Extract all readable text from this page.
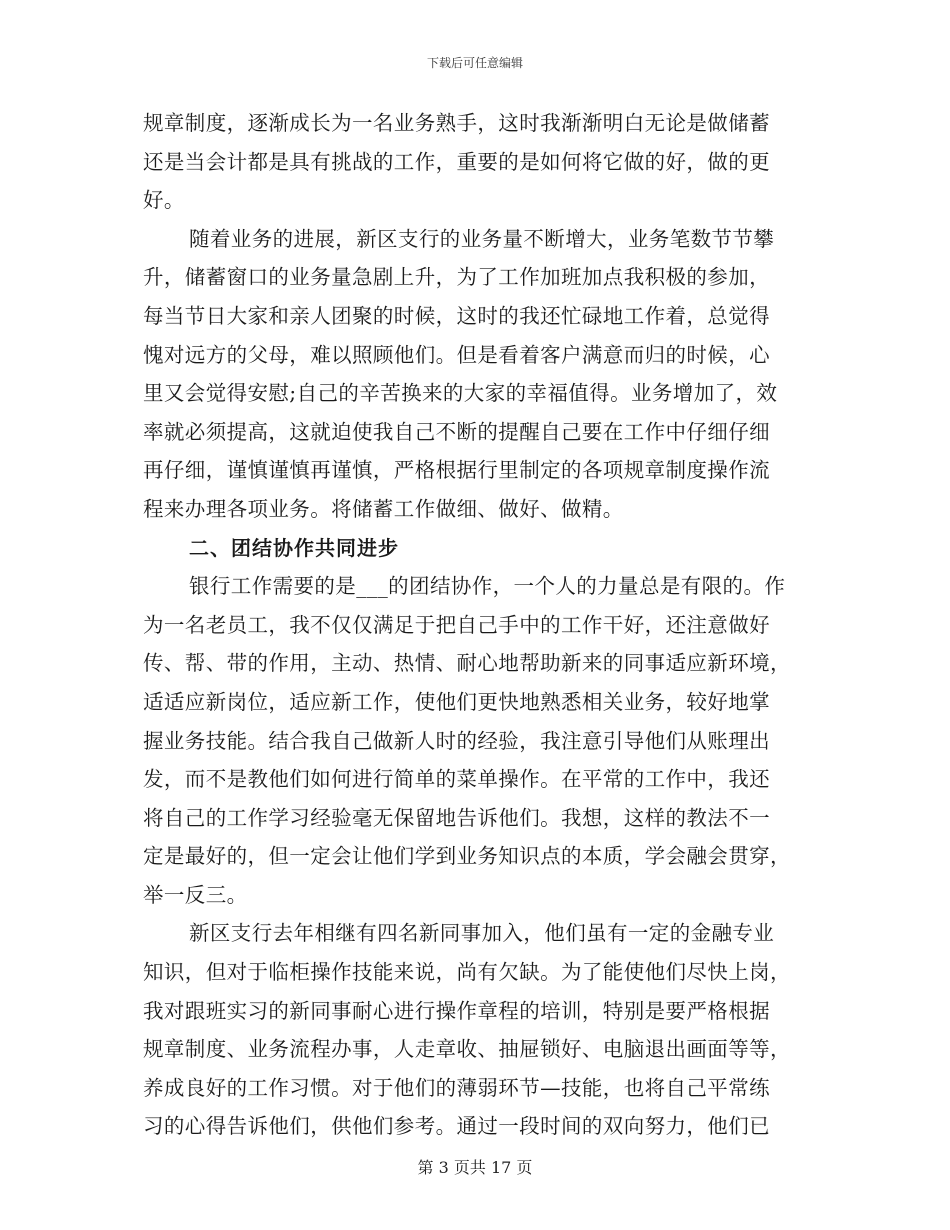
下载后可任意编辑
规章制度，逐渐成长为一名业务熟手，这时我渐渐明白无论是做储蓄
还是当会计都是具有挑战的工作，重要的是如何将它做的好，做的更
好。
随着业务的进展，新区支行的业务量不断增大，业务笔数节节攀
升，储蓄窗口的业务量急剧上升，为了工作加班加点我积极的参加，
每当节日大家和亲人团聚的时候，这时的我还忙碌地工作着，总觉得
愧对远方的父母，难以照顾他们。但是看着客户满意而归的时候，心
里又会觉得安慰;自己的辛苦换来的大家的幸福值得。业务增加了，效
率就必须提高，这就迫使我自己不断的提醒自己要在工作中仔细仔细
再仔细，谨慎谨慎再谨慎，严格根据行里制定的各项规章制度操作流
程来办理各项业务。将储蓄工作做细、做好、做精。
二、团结协作共同进步
银行工作需要的是___的团结协作，一个人的力量总是有限的。作
为一名老员工，我不仅仅满足于把自己手中的工作干好，还注意做好
传、帮、带的作用，主动、热情、耐心地帮助新来的同事适应新环境，
适适应新岗位，适应新工作，使他们更快地熟悉相关业务，较好地掌
握业务技能。结合我自己做新人时的经验，我注意引导他们从账理出
发，而不是教他们如何进行简单的菜单操作。在平常的工作中，我还
将自己的工作学习经验毫无保留地告诉他们。我想，这样的教法不一
定是最好的，但一定会让他们学到业务知识点的本质，学会融会贯穿，
举一反三。
新区支行去年相继有四名新同事加入，他们虽有一定的金融专业
知识，但对于临柜操作技能来说，尚有欠缺。为了能使他们尽快上岗，
我对跟班实习的新同事耐心进行操作章程的培训，特别是要严格根据
规章制度、业务流程办事，人走章收、抽屉锁好、电脑退出画面等等，
养成良好的工作习惯。对于他们的薄弱环节—技能，也将自己平常练
习的心得告诉他们，供他们参考。通过一段时间的双向努力，他们已
第 3 页共 17 页
